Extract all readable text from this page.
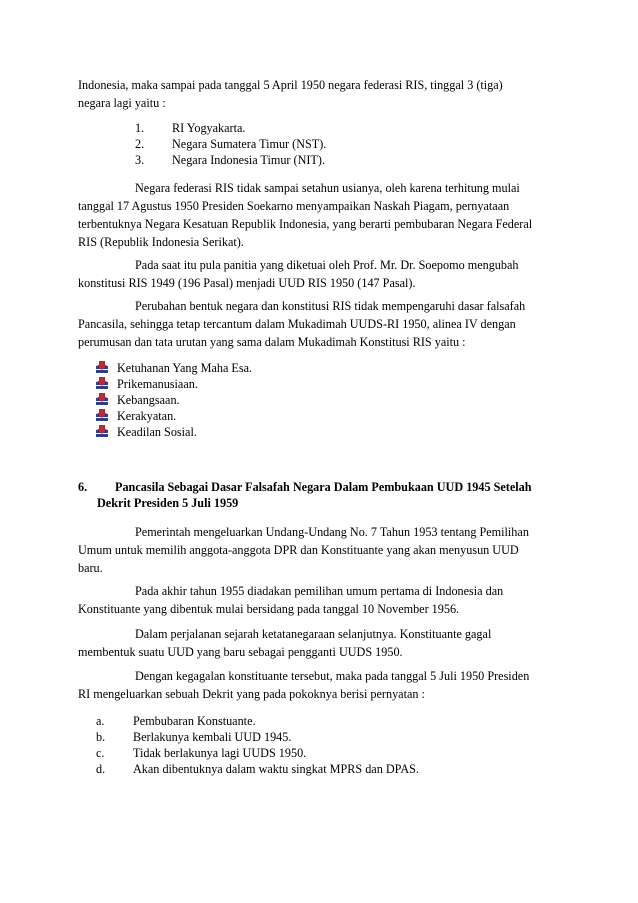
Indonesia, maka sampai pada tanggal 5 April 1950 negara federasi RIS, tinggal 3 (tiga)
negara lagi yaitu :
1. RI Yogyakarta.
2. Negara Sumatera Timur (NST).
3. Negara Indonesia Timur (NIT).
Negara federasi RIS tidak sampai setahun usianya, oleh karena terhitung mulai
tanggal 17 Agustus 1950 Presiden Soekarno menyampaikan Naskah Piagam, pernyataan
terbentuknya Negara Kesatuan Republik Indonesia, yang berarti pembubaran Negara Federal
RIS (Republik Indonesia Serikat).
Pada saat itu pula panitia yang diketuai oleh Prof. Mr. Dr. Soepomo mengubah
konstitusi RIS 1949 (196 Pasal) menjadi UUD RIS 1950 (147 Pasal).
Perubahan bentuk negara dan konstitusi RIS tidak mempengaruhi dasar falsafah
Pancasila, sehingga tetap tercantum dalam Mukadimah UUDS-RI 1950, alinea IV dengan
perumusan dan tata urutan yang sama dalam Mukadimah Konstitusi RIS yaitu :
Ketuhanan Yang Maha Esa.
Prikemanusiaan.
Kebangsaan.
Kerakyatan.
Keadilan Sosial.
6. Pancasila Sebagai Dasar Falsafah Negara Dalam Pembukaan UUD 1945 Setelah
Dekrit Presiden 5 Juli 1959
Pemerintah mengeluarkan Undang-Undang No. 7 Tahun 1953 tentang Pemilihan
Umum untuk memilih anggota-anggota DPR dan Konstituante yang akan menyusun UUD
baru.
Pada akhir tahun 1955 diadakan pemilihan umum pertama di Indonesia dan
Konstituante yang dibentuk mulai bersidang pada tanggal 10 November 1956.
Dalam perjalanan sejarah ketatanegaraan selanjutnya. Konstituante gagal
membentuk suatu UUD yang baru sebagai pengganti UUDS 1950.
Dengan kegagalan konstituante tersebut, maka pada tanggal 5 Juli 1950 Presiden
RI mengeluarkan sebuah Dekrit yang pada pokoknya berisi pernyatan :
a. Pembubaran Konstuante.
b. Berlakunya kembali UUD 1945.
c. Tidak berlakunya lagi UUDS 1950.
d. Akan dibentuknya dalam waktu singkat MPRS dan DPAS.
